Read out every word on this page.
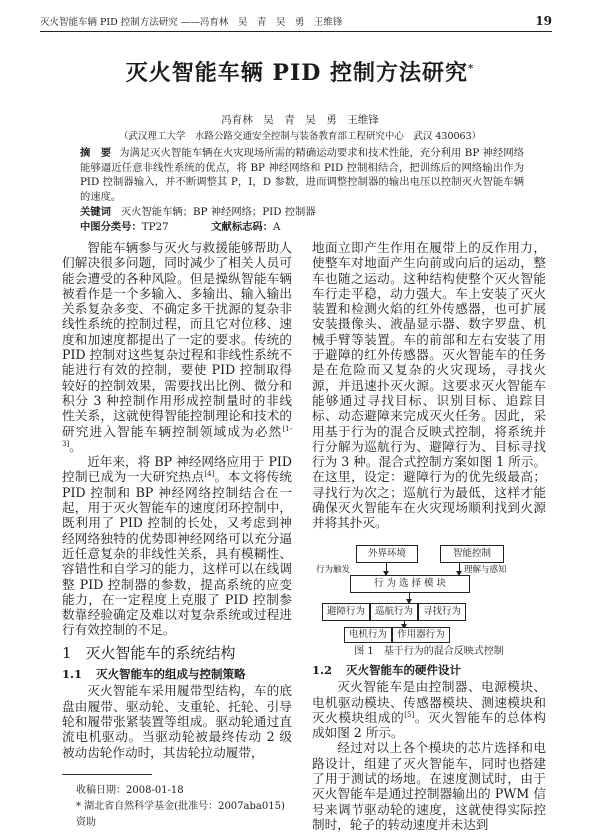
灭火智能车辆 PID 控制方法研究 ——冯育林　吴　青　吴　勇　王维锋	19
灭火智能车辆 PID 控制方法研究*
冯育林　吴　青　吴　勇　王维锋
（武汉理工大学　水路公路交通安全控制与装备教育部工程研究中心　武汉 430063）
摘　要 为满足灭火智能车辆在火灾现场所需的精确运动要求和技术性能，充分利用 BP 神经网络能够逼近任意非线性系统的优点，将 BP 神经网络和 PID 控制相结合，把训练后的网络输出作为 PID 控制器输入，并不断调整其 P，I，D 参数，进而调整控制器的输出电压以控制灭火智能车辆的速度。
关键词 灭火智能车辆；BP 神经网络；PID 控制器
中图分类号：TP27	文献标志码：A

智能车辆参与灭火与救援能够帮助人们解决很多问题，同时减少了相关人员可能会遭受的各种风险。但是操纵智能车辆被看作是一个多输入、多输出、输入输出关系复杂多变、不确定多干扰源的复杂非线性系统的控制过程，而且它对位移、速度和加速度都提出了一定的要求。传统的 PID 控制对这些复杂过程和非线性系统不能进行有效的控制，要使 PID 控制取得较好的控制效果，需要找出比例、微分和积分 3 种控制作用形成控制量时的非线性关系，这就使得智能控制理论和技术的研究进入智能车辆控制领域成为必然[1-3]。

近年来，将 BP 神经网络应用于 PID 控制已成为一大研究热点[4]。本文将传统 PID 控制和 BP 神经网络控制结合在一起，用于灭火智能车的速度闭环控制中，既利用了 PID 控制的长处，又考虑到神经网络独特的优势即神经网络可以充分逼近任意复杂的非线性关系，具有模糊性、容错性和自学习的能力，这样可以在线调整 PID 控制器的参数，提高系统的应变能力，在一定程度上克服了 PID 控制参数靠经验确定及难以对复杂系统或过程进行有效控制的不足。

1 灭火智能车的系统结构
1.1 灭火智能车的组成与控制策略

灭火智能车采用履带型结构，车的底盘由履带、驱动轮、支重轮、托轮、引导轮和履带张紧装置等组成。驱动轮通过直流电机驱动。当驱动轮被最终传动 2 级被动齿轮作动时，其齿轮拉动履带，

收稿日期：2008-01-18
* 湖北省自然科学基金(批准号：2007aba015)资助

地面立即产生作用在履带上的反作用力，使整车对地面产生向前或向后的运动，整车也随之运动。这种结构使整个灭火智能车行走平稳，动力强大。车上安装了灭火装置和检测火焰的红外传感器，也可扩展安装摄像头、液晶显示器、数字罗盘、机械手臂等装置。车的前部和左右安装了用于避障的红外传感器。灭火智能车的任务是在危险而又复杂的火灾现场，寻找火源，并迅速扑灭火源。这要求灭火智能车能够通过寻找目标、识别目标、追踪目标、动态避障来完成灭火任务。因此，采用基于行为的混合反映式控制，将系统并行分解为巡航行为、避障行为、目标寻找行为 3 种。混合式控制方案如图 1 所示。在这里，设定：避障行为的优先级最高；寻找行为次之；巡航行为最低，这样才能确保灭火智能车在火灾现场顺利找到火源并将其扑灭。

外界环境	智能控制
行为触发	理解与感知
行 为 选 择 模 块
避障行为	巡航行为	寻找行为
电机行为	作用器行为
图 1　基于行为的混合反映式控制
1.2 灭火智能车的硬件设计

灭火智能车是由控制器、电源模块、电机驱动模块、传感器模块、测速模块和灭火模块组成的[5]。灭火智能车的总体构成如图 2 所示。

经过对以上各个模块的芯片选择和电路设计，组建了灭火智能车，同时也搭建了用于测试的场地。在速度测试时，由于灭火智能车是通过控制器输出的 PWM 信号来调节驱动轮的速度，这就使得实际控制时，轮子的转动速度并未达到
